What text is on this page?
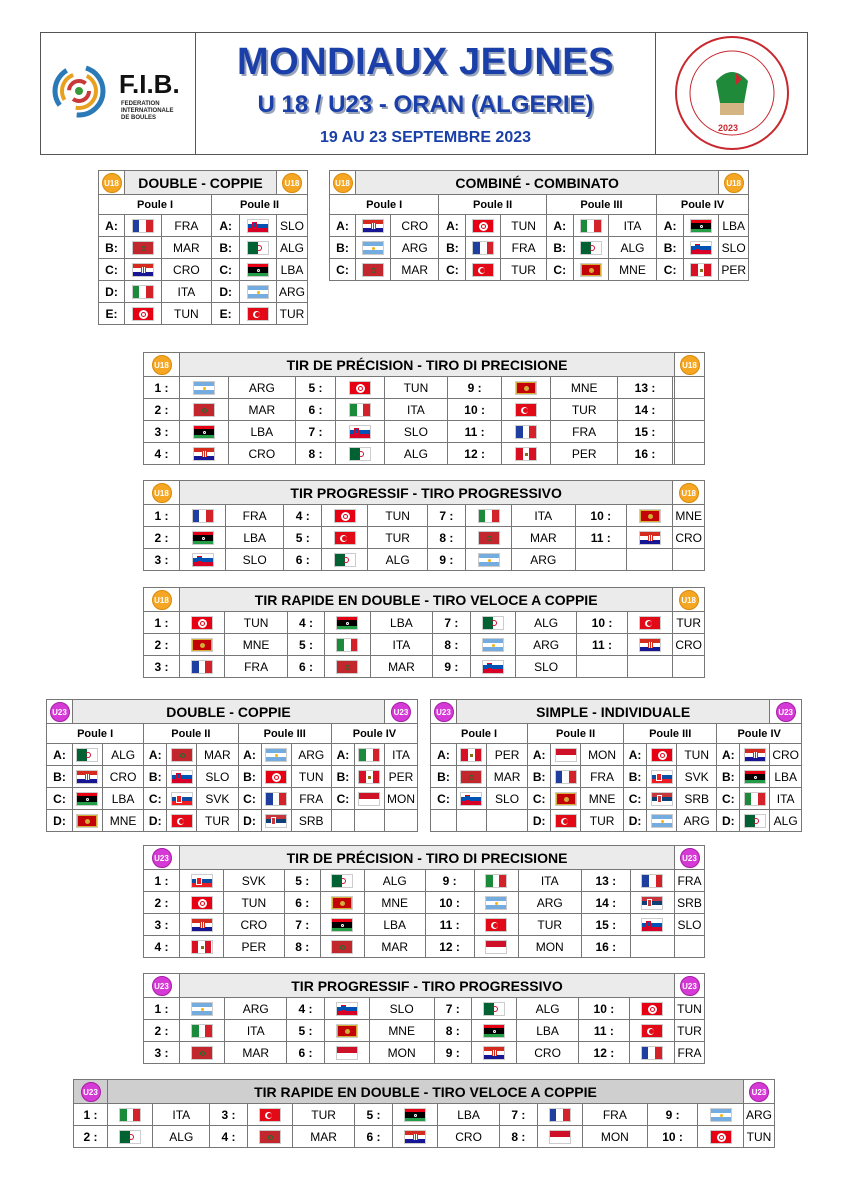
F.I.B.
FEDERATION
INTERNATIONALE
DE BOULES
MONDIAUX JEUNES
U 18 / U23 - ORAN (ALGERIE)
19 AU 23 SEPTEMBRE 2023
2023
U18	DOUBLE - COPPIE				U18
Poule I			Poule II		
A:		FRA	A:		SLO
B:		MAR	B:		ALG
C:		CRO	C:		LBA
D:		ITA	D:		ARG
E:		TUN	E:		TUR
U18	COMBINÉ - COMBINATO										U18
Poule I			Poule II			Poule III			Poule IV		
A:		CRO	A:		TUN	A:		ITA	A:		LBA
B:		ARG	B:		FRA	B:		ALG	B:		SLO
C:		MAR	C:		TUR	C:		MNE	C:		PER
U18	TIR DE PRÉCISION - TIRO DI PRECISIONE										U18
1 :		ARG	5 :		TUN	9 :		MNE	13 :		
2 :		MAR	6 :		ITA	10 :		TUR	14 :		
3 :		LBA	7 :		SLO	11 :		FRA	15 :		
4 :		CRO	8 :		ALG	12 :		PER	16 :		
U18	TIR PROGRESSIF - TIRO PROGRESSIVO										U18
1 :		FRA	4 :		TUN	7 :		ITA	10 :		MNE
2 :		LBA	5 :		TUR	8 :		MAR	11 :		CRO
3 :		SLO	6 :		ALG	9 :		ARG			
U18	TIR RAPIDE EN DOUBLE - TIRO VELOCE A COPPIE										U18
1 :		TUN	4 :		LBA	7 :		ALG	10 :		TUR
2 :		MNE	5 :		ITA	8 :		ARG	11 :		CRO
3 :		FRA	6 :		MAR	9 :		SLO			
U23	DOUBLE - COPPIE										U23
Poule I			Poule II			Poule III			Poule IV		
A:		ALG	A:		MAR	A:		ARG	A:		ITA
B:		CRO	B:		SLO	B:		TUN	B:		PER
C:		LBA	C:		SVK	C:		FRA	C:		MON
D:		MNE	D:		TUR	D:		SRB			
U23	SIMPLE - INDIVIDUALE										U23
Poule I			Poule II			Poule III			Poule IV		
A:		PER	A:		MON	A:		TUN	A:		CRO
B:		MAR	B:		FRA	B:		SVK	B:		LBA
C:		SLO	C:		MNE	C:		SRB	C:		ITA
			D:		TUR	D:		ARG	D:		ALG
U23	TIR DE PRÉCISION - TIRO DI PRECISIONE										U23
1 :		SVK	5 :		ALG	9 :		ITA	13 :		FRA
2 :		TUN	6 :		MNE	10 :		ARG	14 :		SRB
3 :		CRO	7 :		LBA	11 :		TUR	15 :		SLO
4 :		PER	8 :		MAR	12 :		MON	16 :		
U23	TIR PROGRESSIF - TIRO PROGRESSIVO										U23
1 :		ARG	4 :		SLO	7 :		ALG	10 :		TUN
2 :		ITA	5 :		MNE	8 :		LBA	11 :		TUR
3 :		MAR	6 :		MON	9 :		CRO	12 :		FRA
U23	TIR RAPIDE EN DOUBLE - TIRO VELOCE A COPPIE													U23
1 :		ITA	3 :		TUR	5 :		LBA	7 :		FRA	9 :		ARG
2 :		ALG	4 :		MAR	6 :		CRO	8 :		MON	10 :		TUN
